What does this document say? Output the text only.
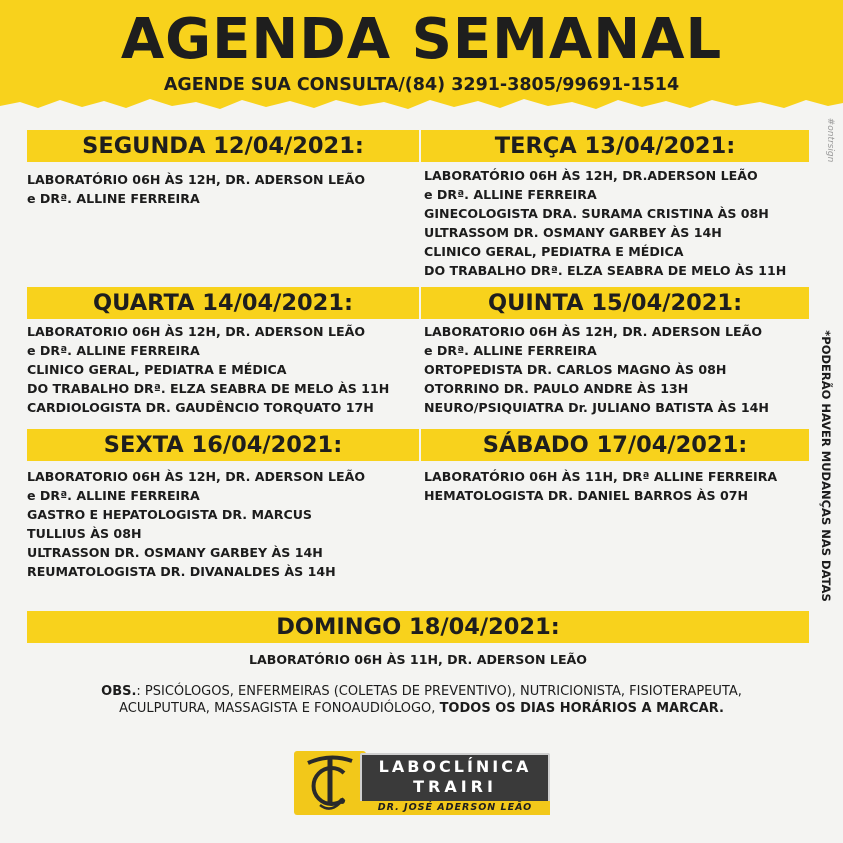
AGENDA SEMANAL
AGENDE SUA CONSULTA/(84) 3291-3805/99691-1514
#ontrsign
SEGUNDA 12/04/2021:
LABORATÓRIO 06H ÀS 12H, DR. ADERSON LEÃO
e DRª. ALLINE FERREIRA
TERÇA 13/04/2021:
LABORATÓRIO 06H ÀS 12H, DR.ADERSON LEÃO
e DRª. ALLINE FERREIRA
GINECOLOGISTA DRA. SURAMA CRISTINA ÀS 08H
ULTRASSOM DR. OSMANY GARBEY ÀS 14H
CLINICO GERAL, PEDIATRA E MÉDICA
DO TRABALHO DRª. ELZA SEABRA DE MELO ÀS 11H
QUARTA 14/04/2021:
LABORATORIO 06H ÀS 12H, DR. ADERSON LEÃO
e DRª. ALLINE FERREIRA
CLINICO GERAL, PEDIATRA E MÉDICA
DO TRABALHO DRª. ELZA SEABRA DE MELO ÀS 11H
CARDIOLOGISTA DR. GAUDÊNCIO TORQUATO 17H
QUINTA 15/04/2021:
LABORATORIO 06H ÀS 12H, DR. ADERSON LEÃO
e DRª. ALLINE FERREIRA
ORTOPEDISTA DR. CARLOS MAGNO ÀS 08H
OTORRINO DR. PAULO ANDRE ÀS 13H
NEURO/PSIQUIATRA Dr. JULIANO BATISTA ÀS 14H
SEXTA 16/04/2021:
LABORATORIO 06H ÀS 12H, DR. ADERSON LEÃO
e DRª. ALLINE FERREIRA
GASTRO E HEPATOLOGISTA DR. MARCUS
TULLIUS ÀS 08H
ULTRASSON DR. OSMANY GARBEY ÀS 14H
REUMATOLOGISTA DR. DIVANALDES ÀS 14H
SÁBADO 17/04/2021:
LABORATÓRIO 06H ÀS 11H, DRª ALLINE FERREIRA
HEMATOLOGISTA DR. DANIEL BARROS ÀS 07H
DOMINGO 18/04/2021:
LABORATÓRIO 06H ÀS 11H, DR. ADERSON LEÃO
*PODERÃO HAVER MUDANÇAS NAS DATAS
OBS.: PSICÓLOGOS, ENFERMEIRAS (COLETAS DE PREVENTIVO), NUTRICIONISTA, FISIOTERAPEUTA, ACULPUTURA, MASSAGISTA E FONOAUDIÓLOGO, TODOS OS DIAS HORÁRIOS A MARCAR.
LABOCLÍNICA
TRAIRI
DR. JOSÉ ADERSON LEÃO
